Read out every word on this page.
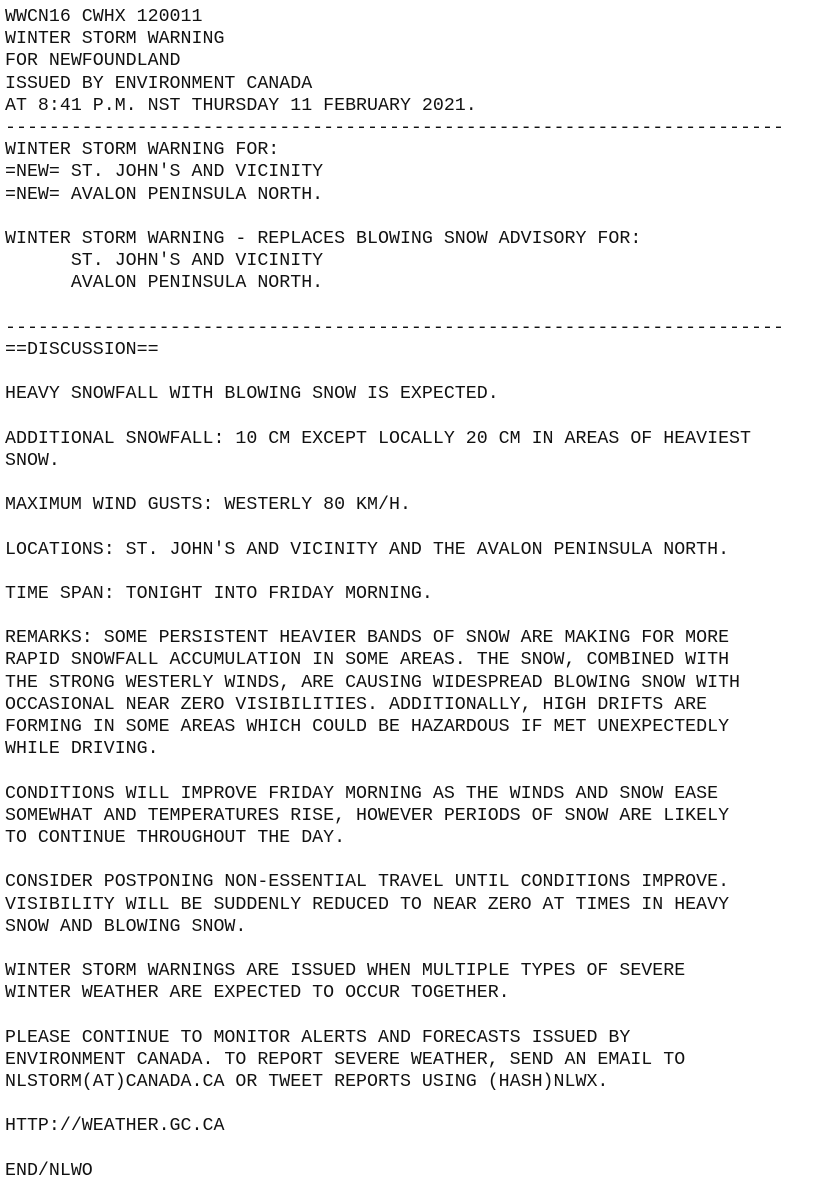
WWCN16 CWHX 120011
WINTER STORM WARNING
FOR NEWFOUNDLAND
ISSUED BY ENVIRONMENT CANADA
AT 8:41 P.M. NST THURSDAY 11 FEBRUARY 2021.
-----------------------------------------------------------------------
WINTER STORM WARNING FOR:
=NEW= ST. JOHN'S AND VICINITY
=NEW= AVALON PENINSULA NORTH.
WINTER STORM WARNING - REPLACES BLOWING SNOW ADVISORY FOR:
ST. JOHN'S AND VICINITY
AVALON PENINSULA NORTH.
-----------------------------------------------------------------------
==DISCUSSION==
HEAVY SNOWFALL WITH BLOWING SNOW IS EXPECTED.
ADDITIONAL SNOWFALL: 10 CM EXCEPT LOCALLY 20 CM IN AREAS OF HEAVIEST
SNOW.
MAXIMUM WIND GUSTS: WESTERLY 80 KM/H.
LOCATIONS: ST. JOHN'S AND VICINITY AND THE AVALON PENINSULA NORTH.
TIME SPAN: TONIGHT INTO FRIDAY MORNING.
REMARKS: SOME PERSISTENT HEAVIER BANDS OF SNOW ARE MAKING FOR MORE
RAPID SNOWFALL ACCUMULATION IN SOME AREAS. THE SNOW, COMBINED WITH
THE STRONG WESTERLY WINDS, ARE CAUSING WIDESPREAD BLOWING SNOW WITH
OCCASIONAL NEAR ZERO VISIBILITIES. ADDITIONALLY, HIGH DRIFTS ARE
FORMING IN SOME AREAS WHICH COULD BE HAZARDOUS IF MET UNEXPECTEDLY
WHILE DRIVING.
CONDITIONS WILL IMPROVE FRIDAY MORNING AS THE WINDS AND SNOW EASE
SOMEWHAT AND TEMPERATURES RISE, HOWEVER PERIODS OF SNOW ARE LIKELY
TO CONTINUE THROUGHOUT THE DAY.
CONSIDER POSTPONING NON-ESSENTIAL TRAVEL UNTIL CONDITIONS IMPROVE.
VISIBILITY WILL BE SUDDENLY REDUCED TO NEAR ZERO AT TIMES IN HEAVY
SNOW AND BLOWING SNOW.
WINTER STORM WARNINGS ARE ISSUED WHEN MULTIPLE TYPES OF SEVERE
WINTER WEATHER ARE EXPECTED TO OCCUR TOGETHER.
PLEASE CONTINUE TO MONITOR ALERTS AND FORECASTS ISSUED BY
ENVIRONMENT CANADA. TO REPORT SEVERE WEATHER, SEND AN EMAIL TO
NLSTORM(AT)CANADA.CA OR TWEET REPORTS USING (HASH)NLWX.
HTTP://WEATHER.GC.CA
END/NLWO
